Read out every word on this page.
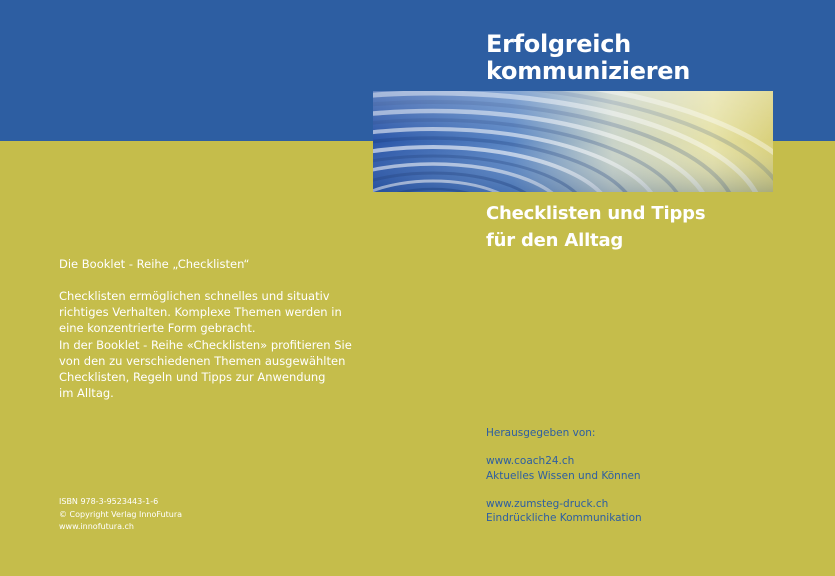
Erfolgreich
kommunizieren
Checklisten und Tipps
für den Alltag
Die Booklet - Reihe „Checklisten“
Checklisten ermöglichen schnelles und situativ
richtiges Verhalten. Komplexe Themen werden in
eine konzentrierte Form gebracht.
In der Booklet - Reihe «Checklisten» profitieren Sie
von den zu verschiedenen Themen ausgewählten
Checklisten, Regeln und Tipps zur Anwendung
im Alltag.
ISBN 978-3-9523443-1-6
© Copyright Verlag InnoFutura
www.innofutura.ch
Herausgegeben von:
www.coach24.ch
Aktuelles Wissen und Können
www.zumsteg-druck.ch
Eindrückliche Kommunikation
